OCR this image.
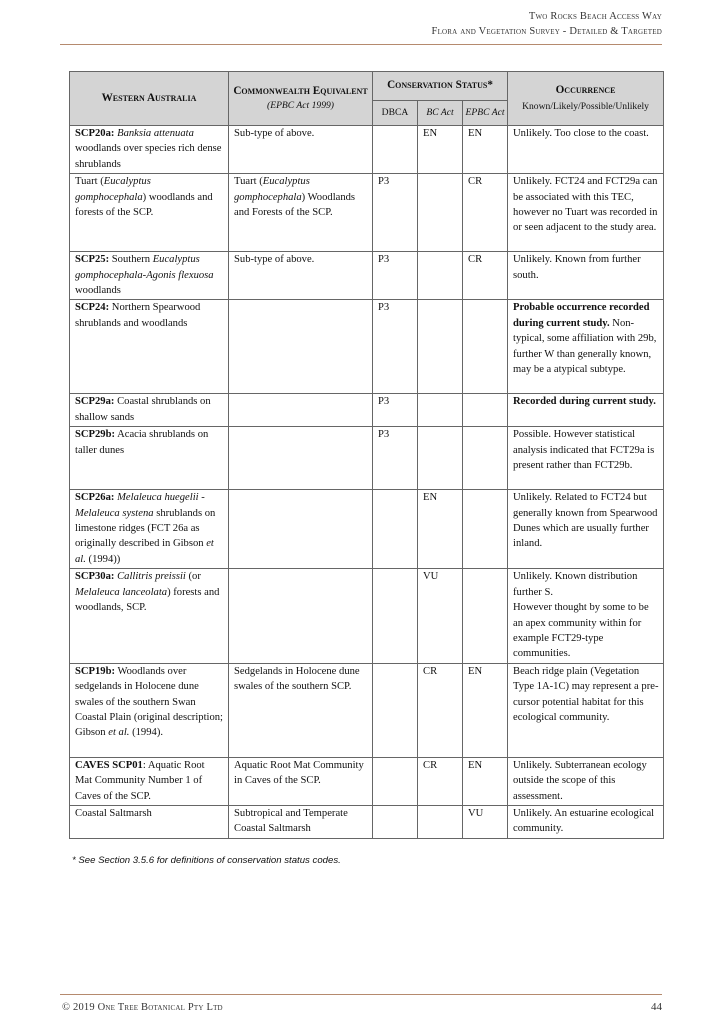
Two Rocks Beach Access Way
Flora and Vegetation Survey - Detailed & Targeted
Western Australia	Commonwealth Equivalent (EPBC Act 1999)	Conservation Status*			Occurrence
Known/Likely/Possible/Unlikely

		DBCA	BC Act	EPBC Act	
SCP20a: Banksia attenuata woodlands over species rich dense shrublands	Sub-type of above.		EN	EN	Unlikely. Too close to the coast.
Tuart (Eucalyptus gomphocephala) woodlands and forests of the SCP.	Tuart (Eucalyptus gomphocephala) Woodlands and Forests of the SCP.	P3		CR	Unlikely. FCT24 and FCT29a can be associated with this TEC, however no Tuart was recorded in or seen adjacent to the study area.
SCP25: Southern Eucalyptus gomphocephala-Agonis flexuosa woodlands	Sub-type of above.	P3		CR	Unlikely. Known from further south.
SCP24: Northern Spearwood shrublands and woodlands		P3			Probable occurrence recorded during current study. Non-typical, some affiliation with 29b, further W than generally known, may be a atypical subtype.
SCP29a: Coastal shrublands on shallow sands		P3			Recorded during current study.
SCP29b: Acacia shrublands on taller dunes		P3			Possible. However statistical analysis indicated that FCT29a is present rather than FCT29b.
SCP26a: Melaleuca huegelii - Melaleuca systena shrublands on limestone ridges (FCT 26a as originally described in Gibson et al. (1994))			EN		Unlikely. Related to FCT24 but generally known from Spearwood Dunes which are usually further inland.
SCP30a: Callitris preissii (or Melaleuca lanceolata) forests and woodlands, SCP.			VU		Unlikely. Known distribution further S.
However thought by some to be an apex community within for example FCT29-type communities.
SCP19b: Woodlands over sedgelands in Holocene dune swales of the southern Swan Coastal Plain (original description; Gibson et al. (1994).	Sedgelands in Holocene dune swales of the southern SCP.		CR	EN	Beach ridge plain (Vegetation Type 1A-1C) may represent a pre-cursor potential habitat for this ecological community.
CAVES SCP01: Aquatic Root Mat Community Number 1 of Caves of the SCP.	Aquatic Root Mat Community in Caves of the SCP.		CR	EN	Unlikely. Subterranean ecology outside the scope of this assessment.
Coastal Saltmarsh	Subtropical and Temperate Coastal Saltmarsh			VU	Unlikely. An estuarine ecological community.
* See Section 3.5.6 for definitions of conservation status codes.
© 2019 One Tree Botanical Pty Ltd	44
